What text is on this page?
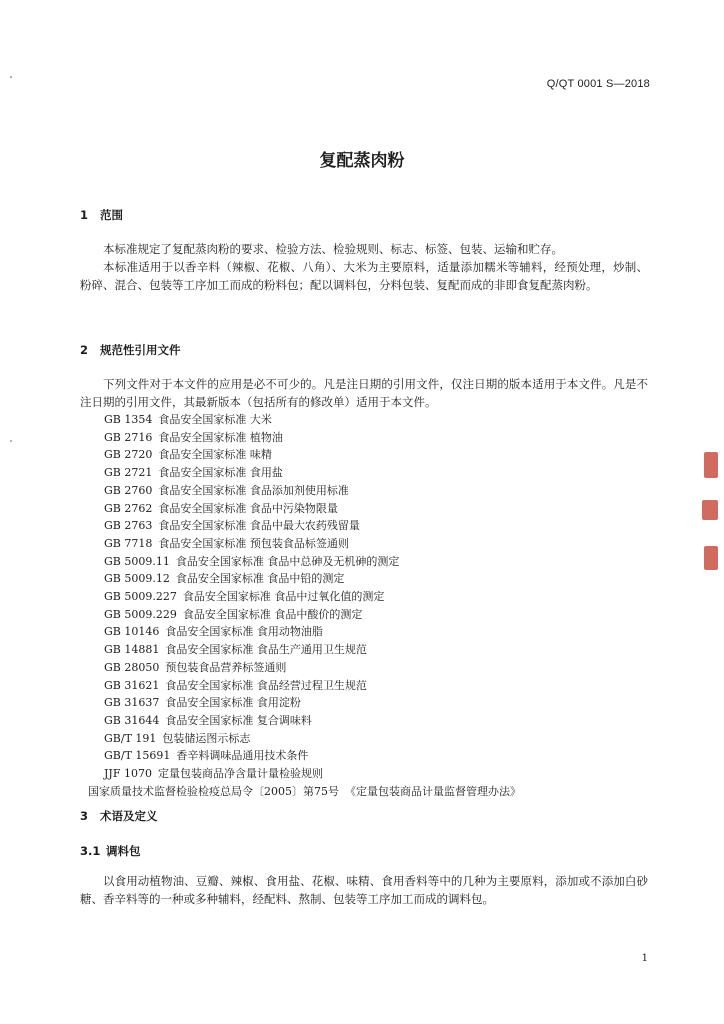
Q/QT 0001 S—2018
复配蒸肉粉
1 范围

本标准规定了复配蒸肉粉的要求、检验方法、检验规则、标志、标签、包装、运输和贮存。

本标准适用于以香辛料（辣椒、花椒、八角）、大米为主要原料，适量添加糯米等辅料，经预处理，炒制、粉碎、混合、包装等工序加工而成的粉料包；配以调料包，分料包装、复配而成的非即食复配蒸肉粉。

2 规范性引用文件

下列文件对于本文件的应用是必不可少的。凡是注日期的引用文件，仅注日期的版本适用于本文件。凡是不注日期的引用文件，其最新版本（包括所有的修改单）适用于本文件。

GB 1354 食品安全国家标准 大米
GB 2716 食品安全国家标准 植物油
GB 2720 食品安全国家标准 味精
GB 2721 食品安全国家标准 食用盐
GB 2760 食品安全国家标准 食品添加剂使用标准
GB 2762 食品安全国家标准 食品中污染物限量
GB 2763 食品安全国家标准 食品中最大农药残留量
GB 7718 食品安全国家标准 预包装食品标签通则
GB 5009.11 食品安全国家标准 食品中总砷及无机砷的测定
GB 5009.12 食品安全国家标准 食品中铅的测定
GB 5009.227 食品安全国家标准 食品中过氧化值的测定
GB 5009.229 食品安全国家标准 食品中酸价的测定
GB 10146 食品安全国家标准 食用动物油脂
GB 14881 食品安全国家标准 食品生产通用卫生规范
GB 28050 预包装食品营养标签通则
GB 31621 食品安全国家标准 食品经营过程卫生规范
GB 31637 食品安全国家标准 食用淀粉
GB 31644 食品安全国家标准 复合调味料
GB/T 191 包装储运图示标志
GB/T 15691 香辛料调味品通用技术条件
JJF 1070 定量包装商品净含量计量检验规则
国家质量技术监督检验检疫总局令〔2005〕第75号 《定量包装商品计量监督管理办法》
3 术语及定义
3.1 调料包

以食用动植物油、豆瓣、辣椒、食用盐、花椒、味精、食用香料等中的几种为主要原料，添加或不添加白砂糖、香辛料等的一种或多种辅料，经配料、熬制、包装等工序加工而成的调料包。

1
